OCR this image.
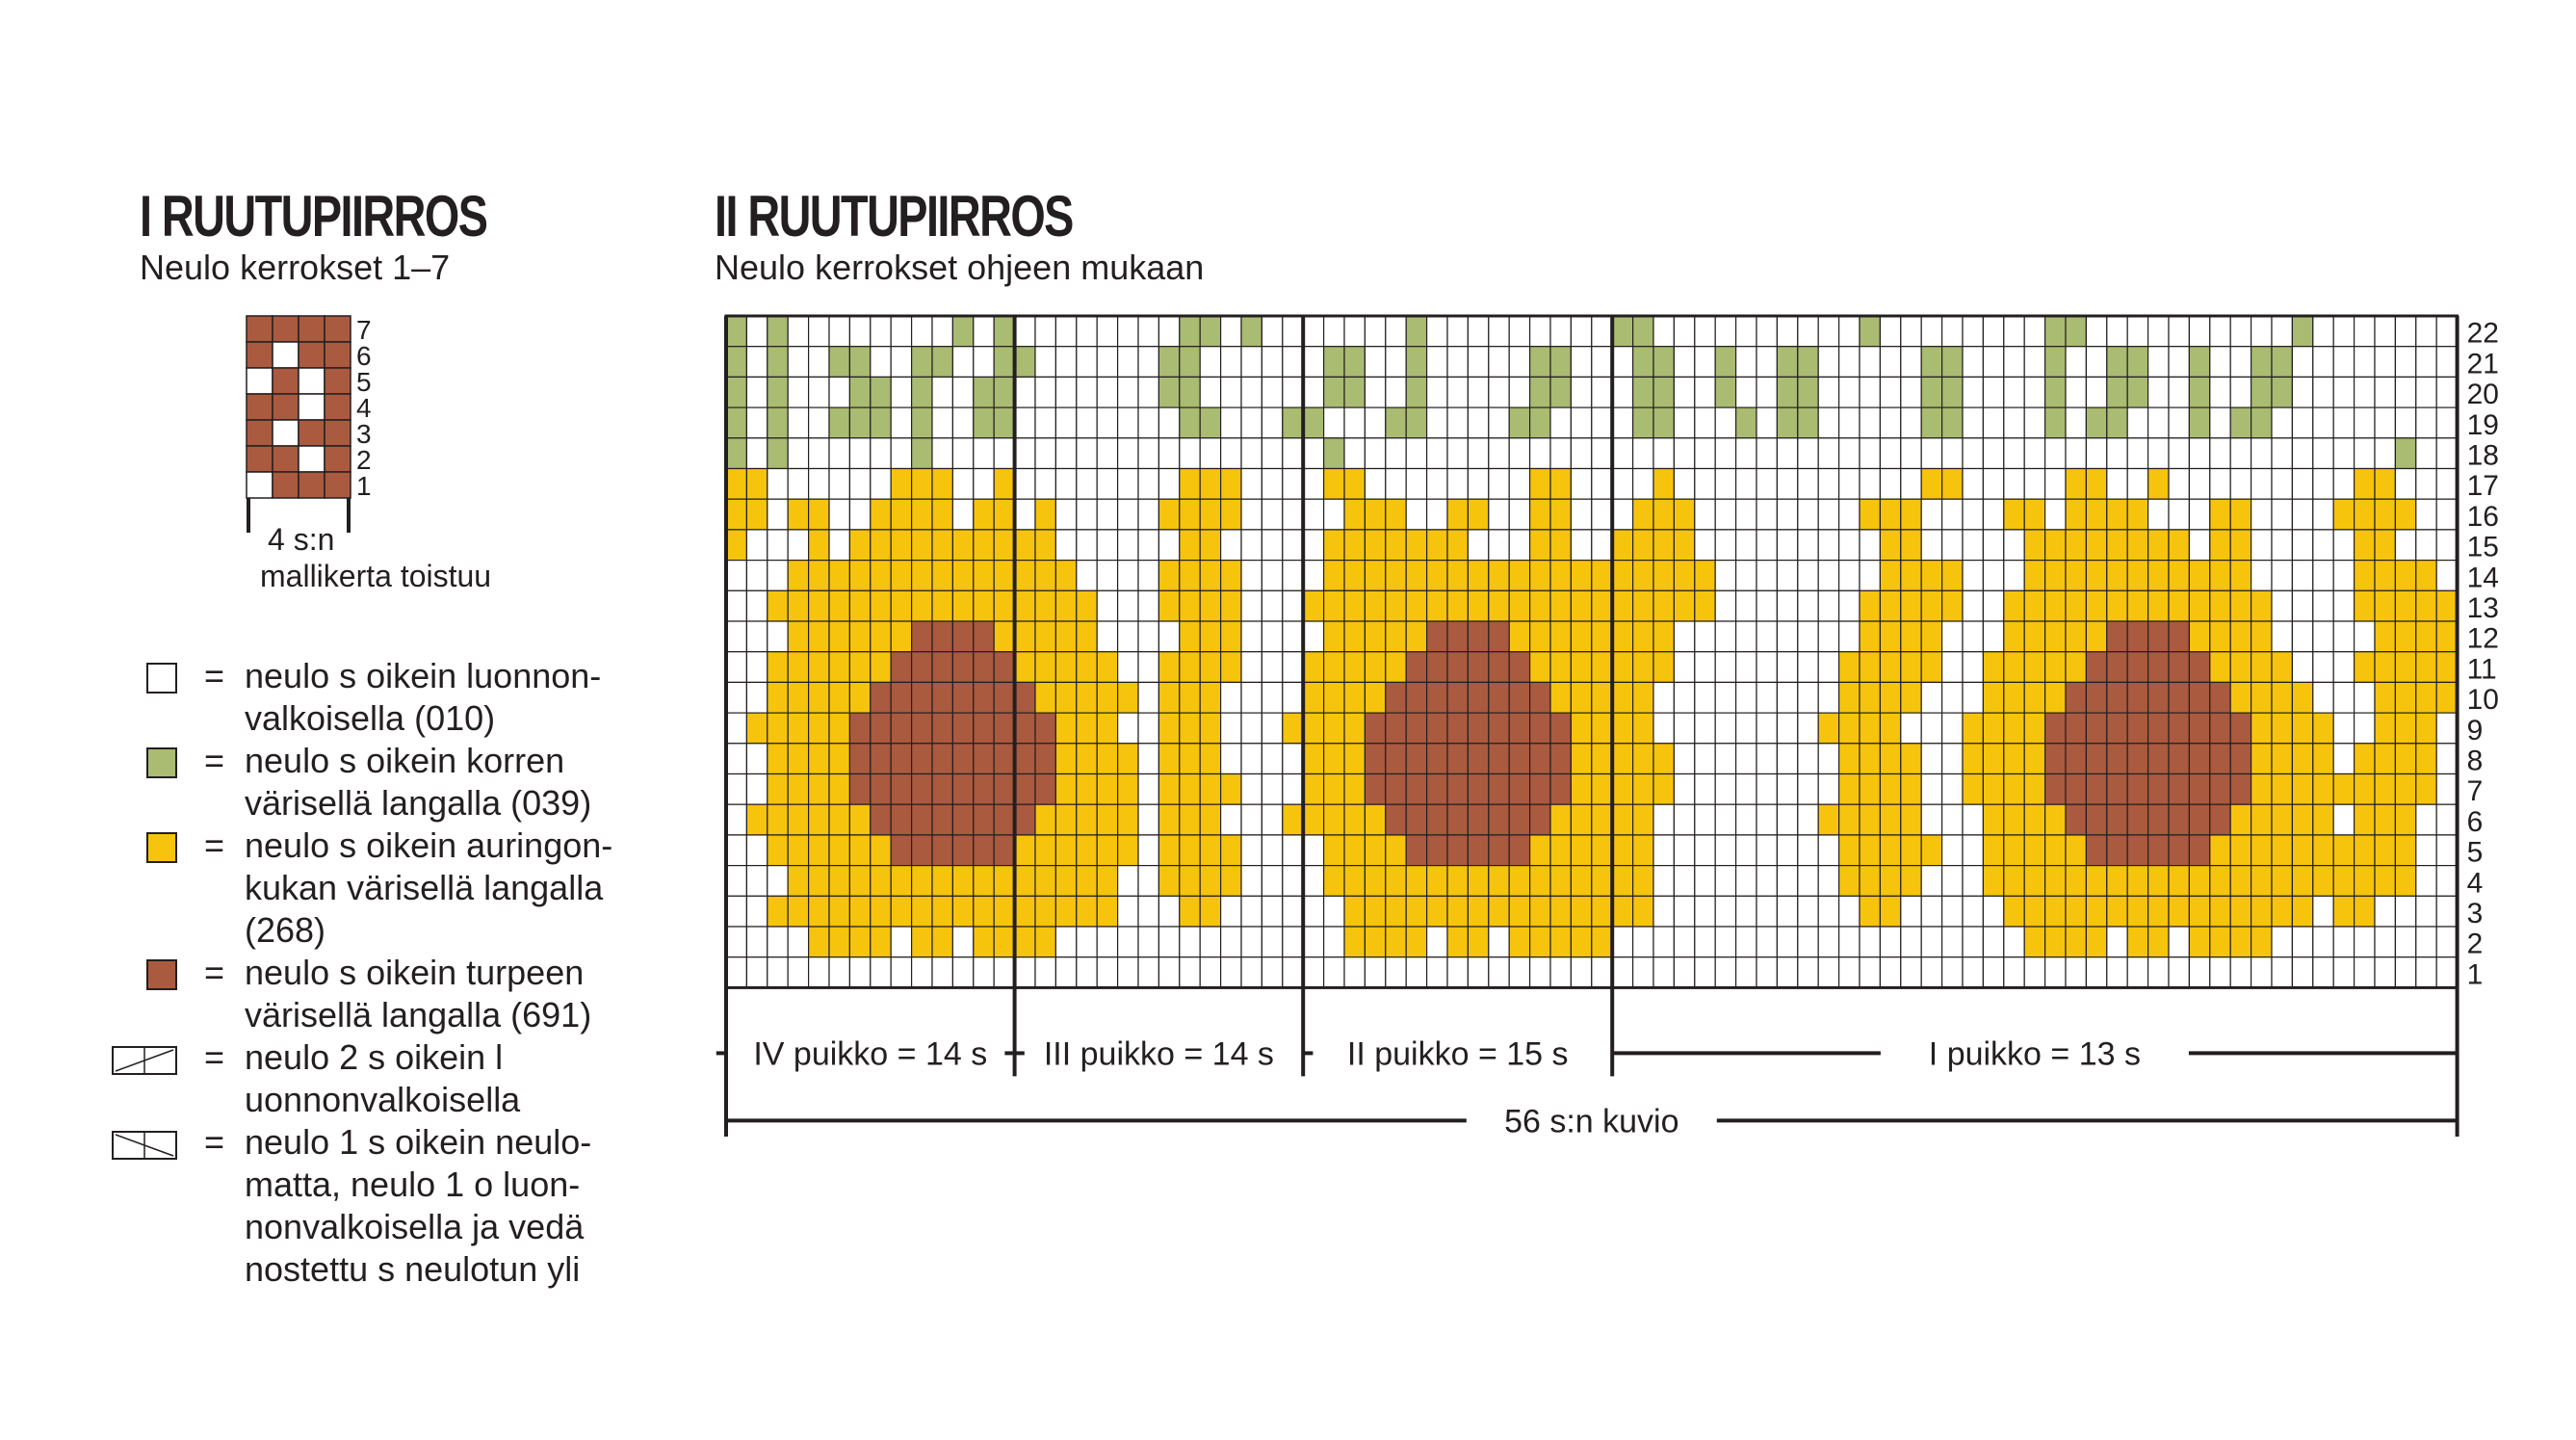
I RUUTUPIIRROS

Neulo kerrokset 1–7

1
2
3
4
5
6
7

4 s:n

mallikerta toistuu

II RUUTUPIIRROS

Neulo kerrokset ohjeen mukaan

1
2
3
4
5
6
7
8
9
10
11
12
13
14
15
16
17
18
19
20
21
22
IV puikko = 14 s III puikko = 14 s II puikko = 15 s	I puikko = 13 s
56 s:n kuvio
= neulo s oikein luonnon-
valkoisella (010)
= neulo s oikein korren
värisellä langalla (039)
= neulo s oikein auringon-
kukan värisellä langalla
(268)
= neulo s oikein turpeen
värisellä langalla (691)
= neulo 2 s oikein l
uonnonvalkoisella
= neulo 1 s oikein neulo-
matta, neulo 1 o luon-
nonvalkoisella ja vedä
nostettu s neulotun yli
